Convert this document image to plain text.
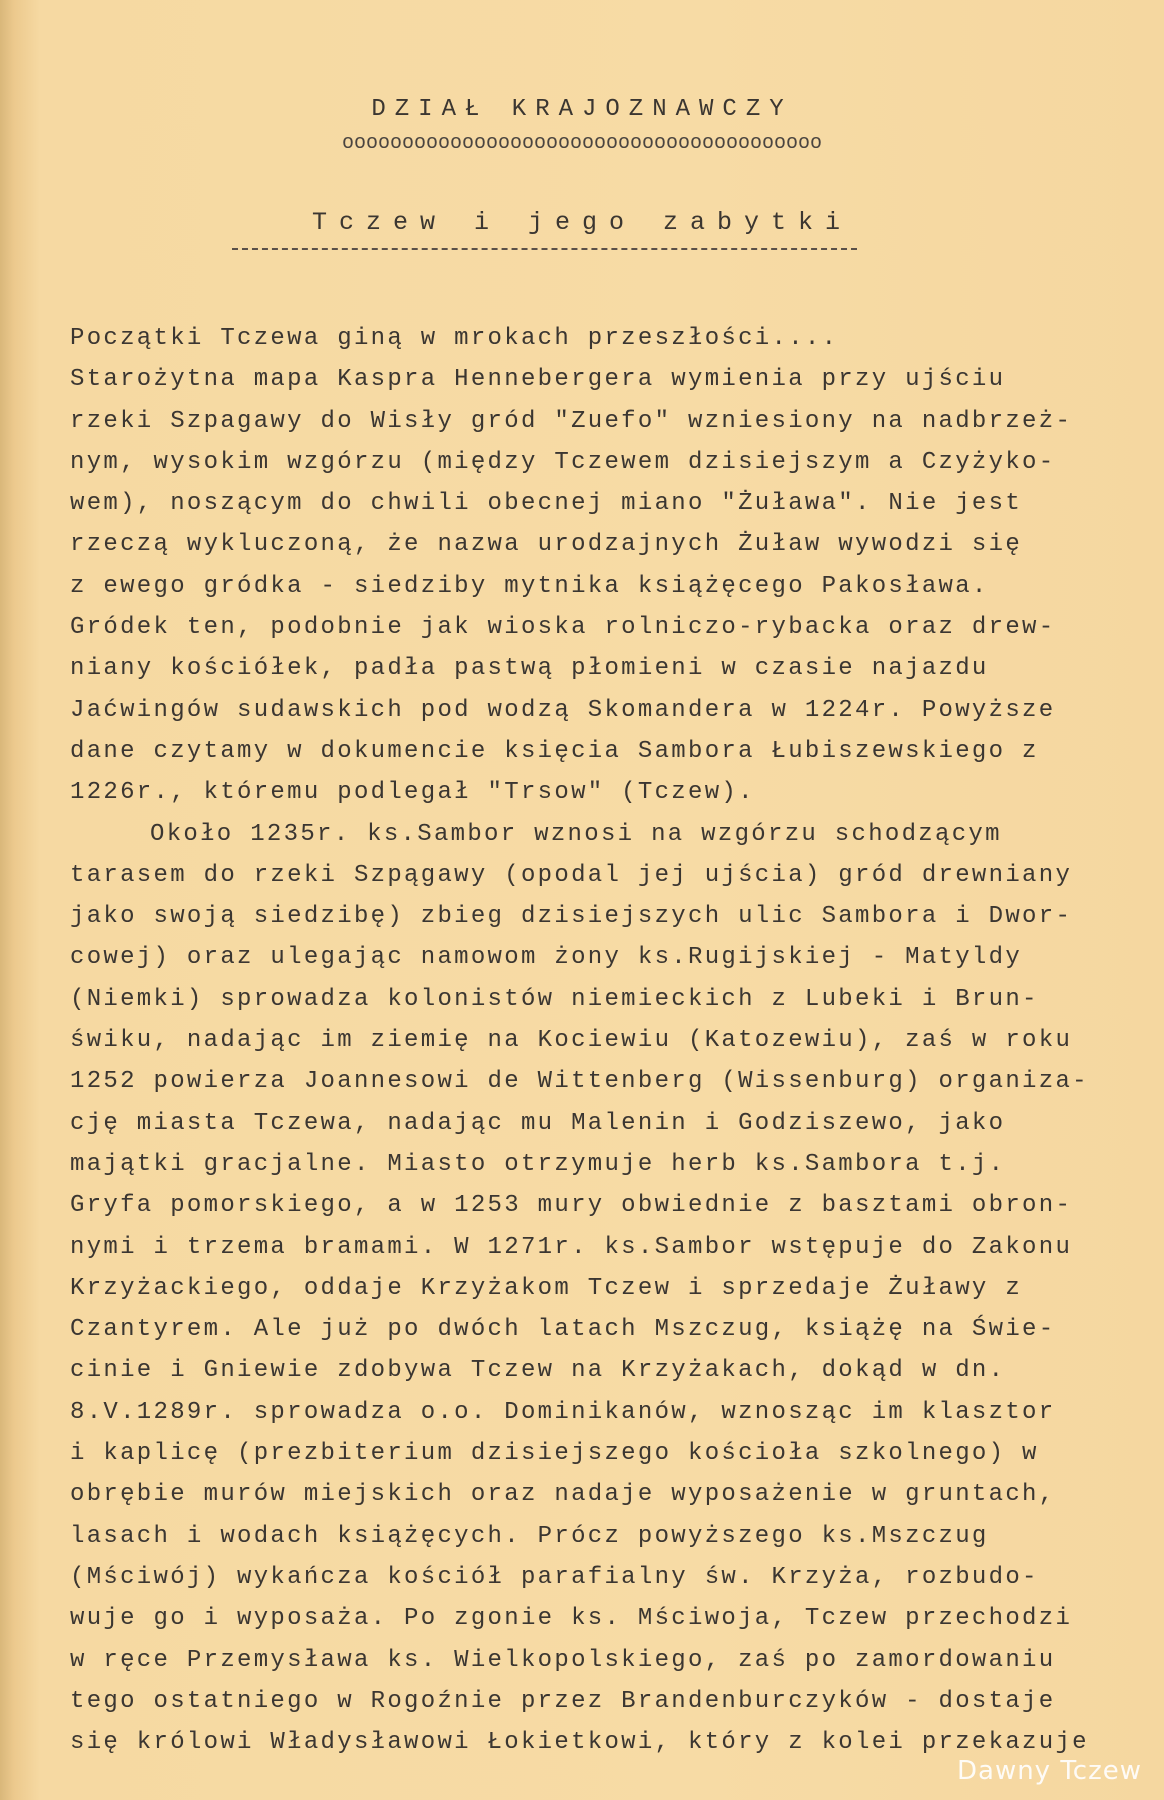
DZIAŁ KRAJOZNAWCZY
oooooooooooooooooooooooooooooooooooooooo
Tczew i jego zabytki
Początki Tczewa giną w mrokach przeszłości....
Starożytna mapa Kaspra Hennebergera wymienia przy ujściu
rzeki Szpagawy do Wisły gród "Zuefo" wzniesiony na nadbrzeż-
nym, wysokim wzgórzu (między Tczewem dzisiejszym a Czyżyko-
wem), noszącym do chwili obecnej miano "Żuława". Nie jest
rzeczą wykluczoną, że nazwa urodzajnych Żuław wywodzi się
z ewego gródka - siedziby mytnika książęcego Pakosława.
Gródek ten, podobnie jak wioska rolniczo-rybacka oraz drew-
niany kościółek, padła pastwą płomieni w czasie najazdu
Jaćwingów sudawskich pod wodzą Skomandera w 1224r. Powyższe
dane czytamy w dokumencie księcia Sambora Łubiszewskiego z
1226r., któremu podlegał "Trsow" (Tczew).
Około 1235r. ks.Sambor wznosi na wzgórzu schodzącym
tarasem do rzeki Szpągawy (opodal jej ujścia) gród drewniany
jako swoją siedzibę) zbieg dzisiejszych ulic Sambora i Dwor-
cowej) oraz ulegając namowom żony ks.Rugijskiej - Matyldy
(Niemki) sprowadza kolonistów niemieckich z Lubeki i Brun-
świku, nadając im ziemię na Kociewiu (Katozewiu), zaś w roku
1252 powierza Joannesowi de Wittenberg (Wissenburg) organiza-
cję miasta Tczewa, nadając mu Malenin i Godziszewo, jako
majątki gracjalne. Miasto otrzymuje herb ks.Sambora t.j.
Gryfa pomorskiego, a w 1253 mury obwiednie z basztami obron-
nymi i trzema bramami. W 1271r. ks.Sambor wstępuje do Zakonu
Krzyżackiego, oddaje Krzyżakom Tczew i sprzedaje Żuławy z
Czantyrem. Ale już po dwóch latach Mszczug, książę na Świe-
cinie i Gniewie zdobywa Tczew na Krzyżakach, dokąd w dn.
8.V.1289r. sprowadza o.o. Dominikanów, wznosząc im klasztor
i kaplicę (prezbiterium dzisiejszego kościoła szkolnego) w
obrębie murów miejskich oraz nadaje wyposażenie w gruntach,
lasach i wodach książęcych. Prócz powyższego ks.Mszczug
(Mściwój) wykańcza kościół parafialny św. Krzyża, rozbudo-
wuje go i wyposaża. Po zgonie ks. Mściwoja, Tczew przechodzi
w ręce Przemysława ks. Wielkopolskiego, zaś po zamordowaniu
tego ostatniego w Rogoźnie przez Brandenburczyków - dostaje
się królowi Władysławowi Łokietkowi, który z kolei przekazuje
Dawny Tczew
